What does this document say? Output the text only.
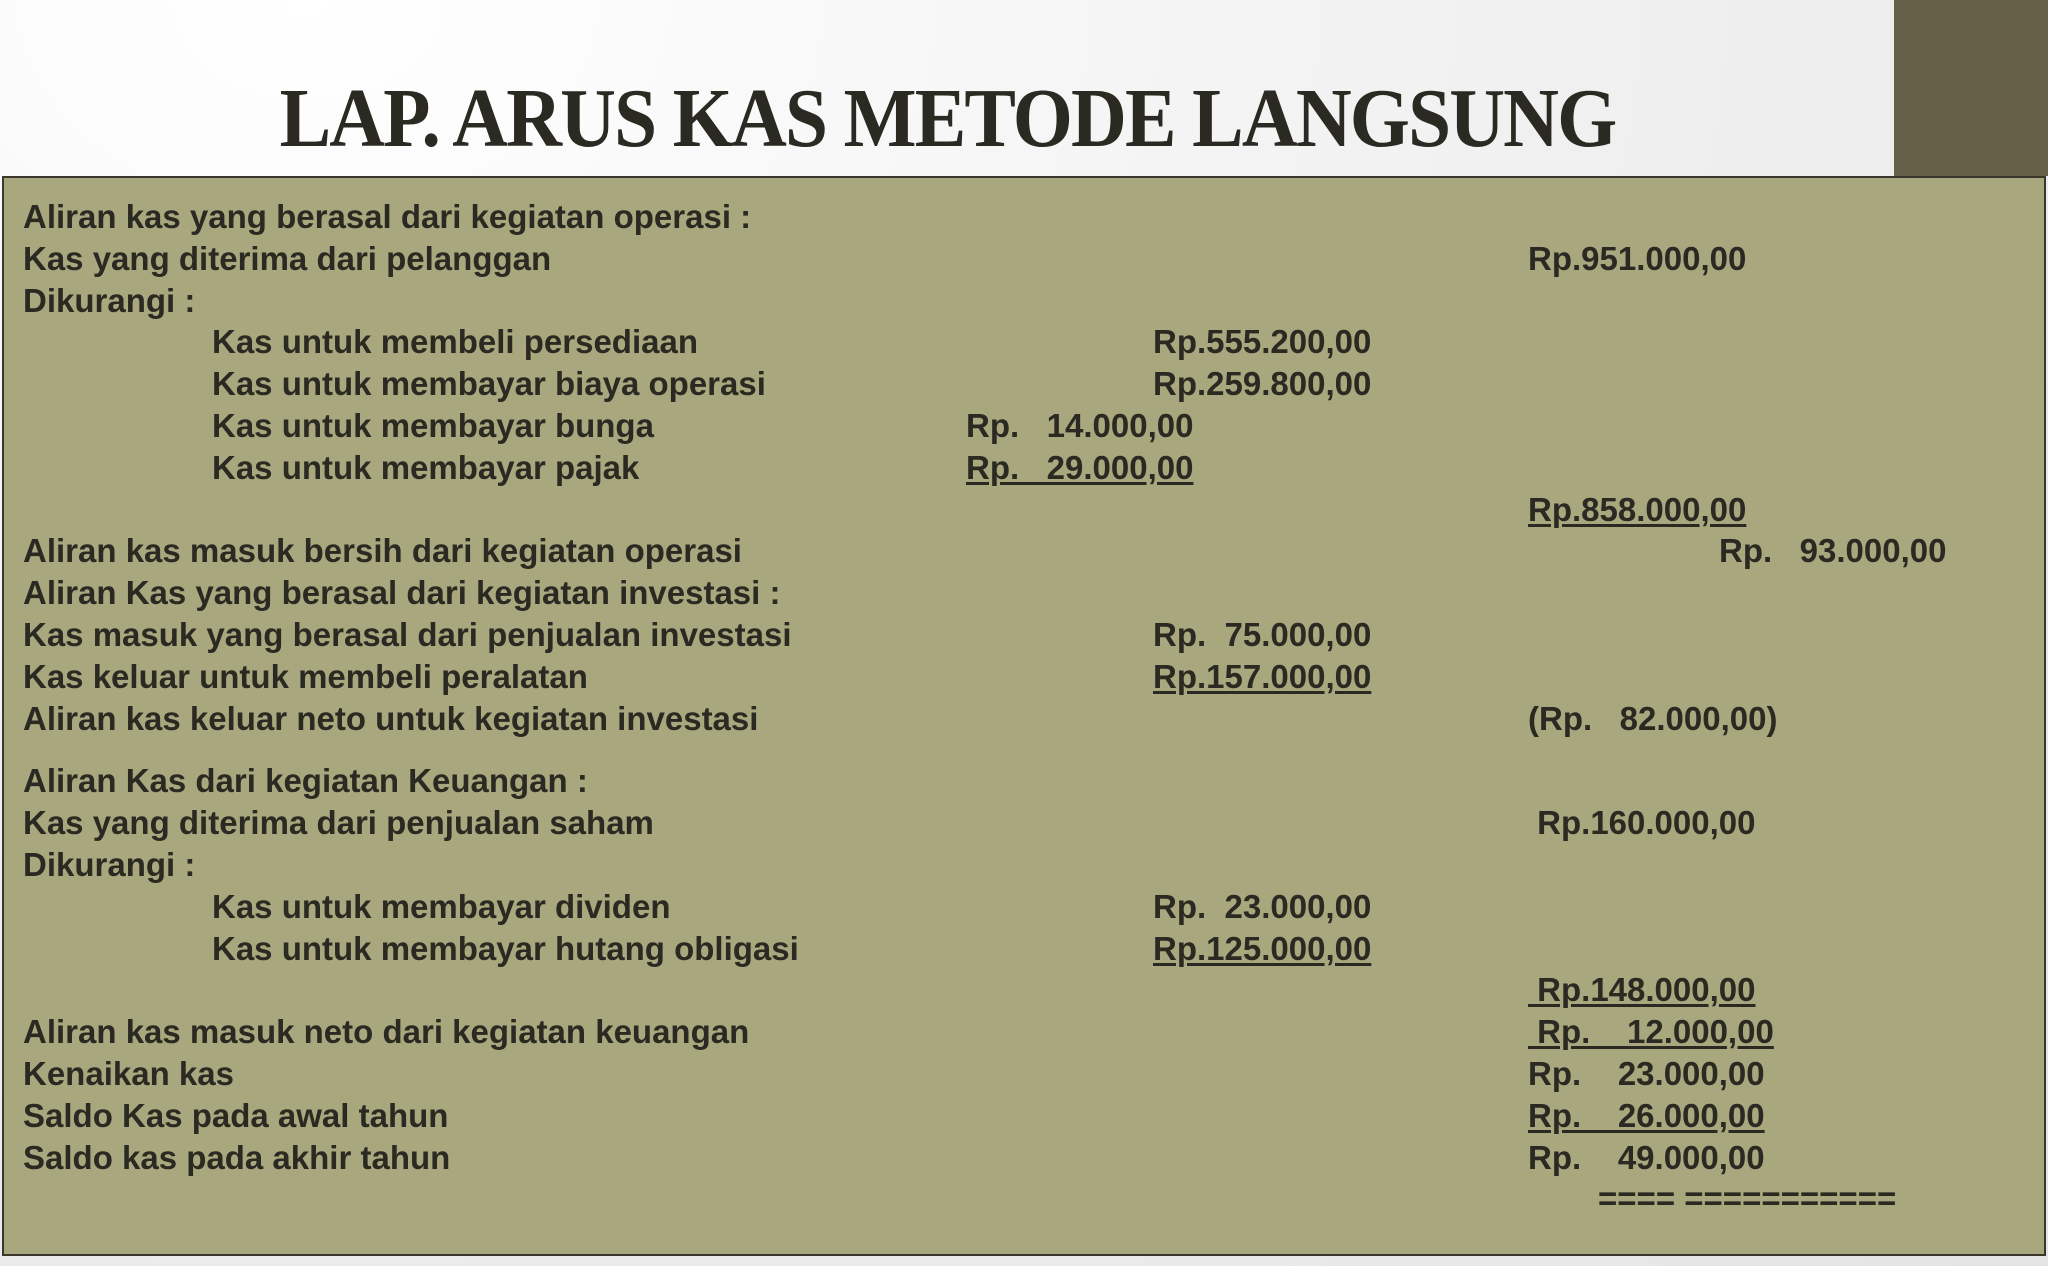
LAP. ARUS KAS METODE LANGSUNG
Aliran kas yang berasal dari kegiatan operasi :
Kas yang diterima dari pelanggan	Rp.951.000,00
Dikurangi :
Kas untuk membeli persediaan	Rp.555.200,00
Kas untuk membayar biaya operasi	Rp.259.800,00
Kas untuk membayar bunga	Rp.   14.000,00
Kas untuk membayar pajak	Rp.   29.000,00
Rp.858.000,00
Aliran kas masuk bersih dari kegiatan operasi	Rp.   93.000,00
Aliran Kas yang berasal dari kegiatan investasi :
Kas masuk yang berasal dari penjualan investasi	Rp.  75.000,00
Kas keluar untuk membeli peralatan	Rp.157.000,00
Aliran kas keluar neto untuk kegiatan investasi	(Rp.   82.000,00)
Aliran Kas dari kegiatan Keuangan :
Kas yang diterima dari penjualan saham	Rp.160.000,00
Dikurangi :
Kas untuk membayar dividen	Rp.  23.000,00
Kas untuk membayar hutang obligasi	Rp.125.000,00
Rp.148.000,00
Aliran kas masuk neto dari kegiatan keuangan	Rp.    12.000,00
Kenaikan kas	Rp.    23.000,00
Saldo Kas pada awal tahun	Rp.    26.000,00
Saldo kas pada akhir tahun	Rp.    49.000,00
==== ===========
